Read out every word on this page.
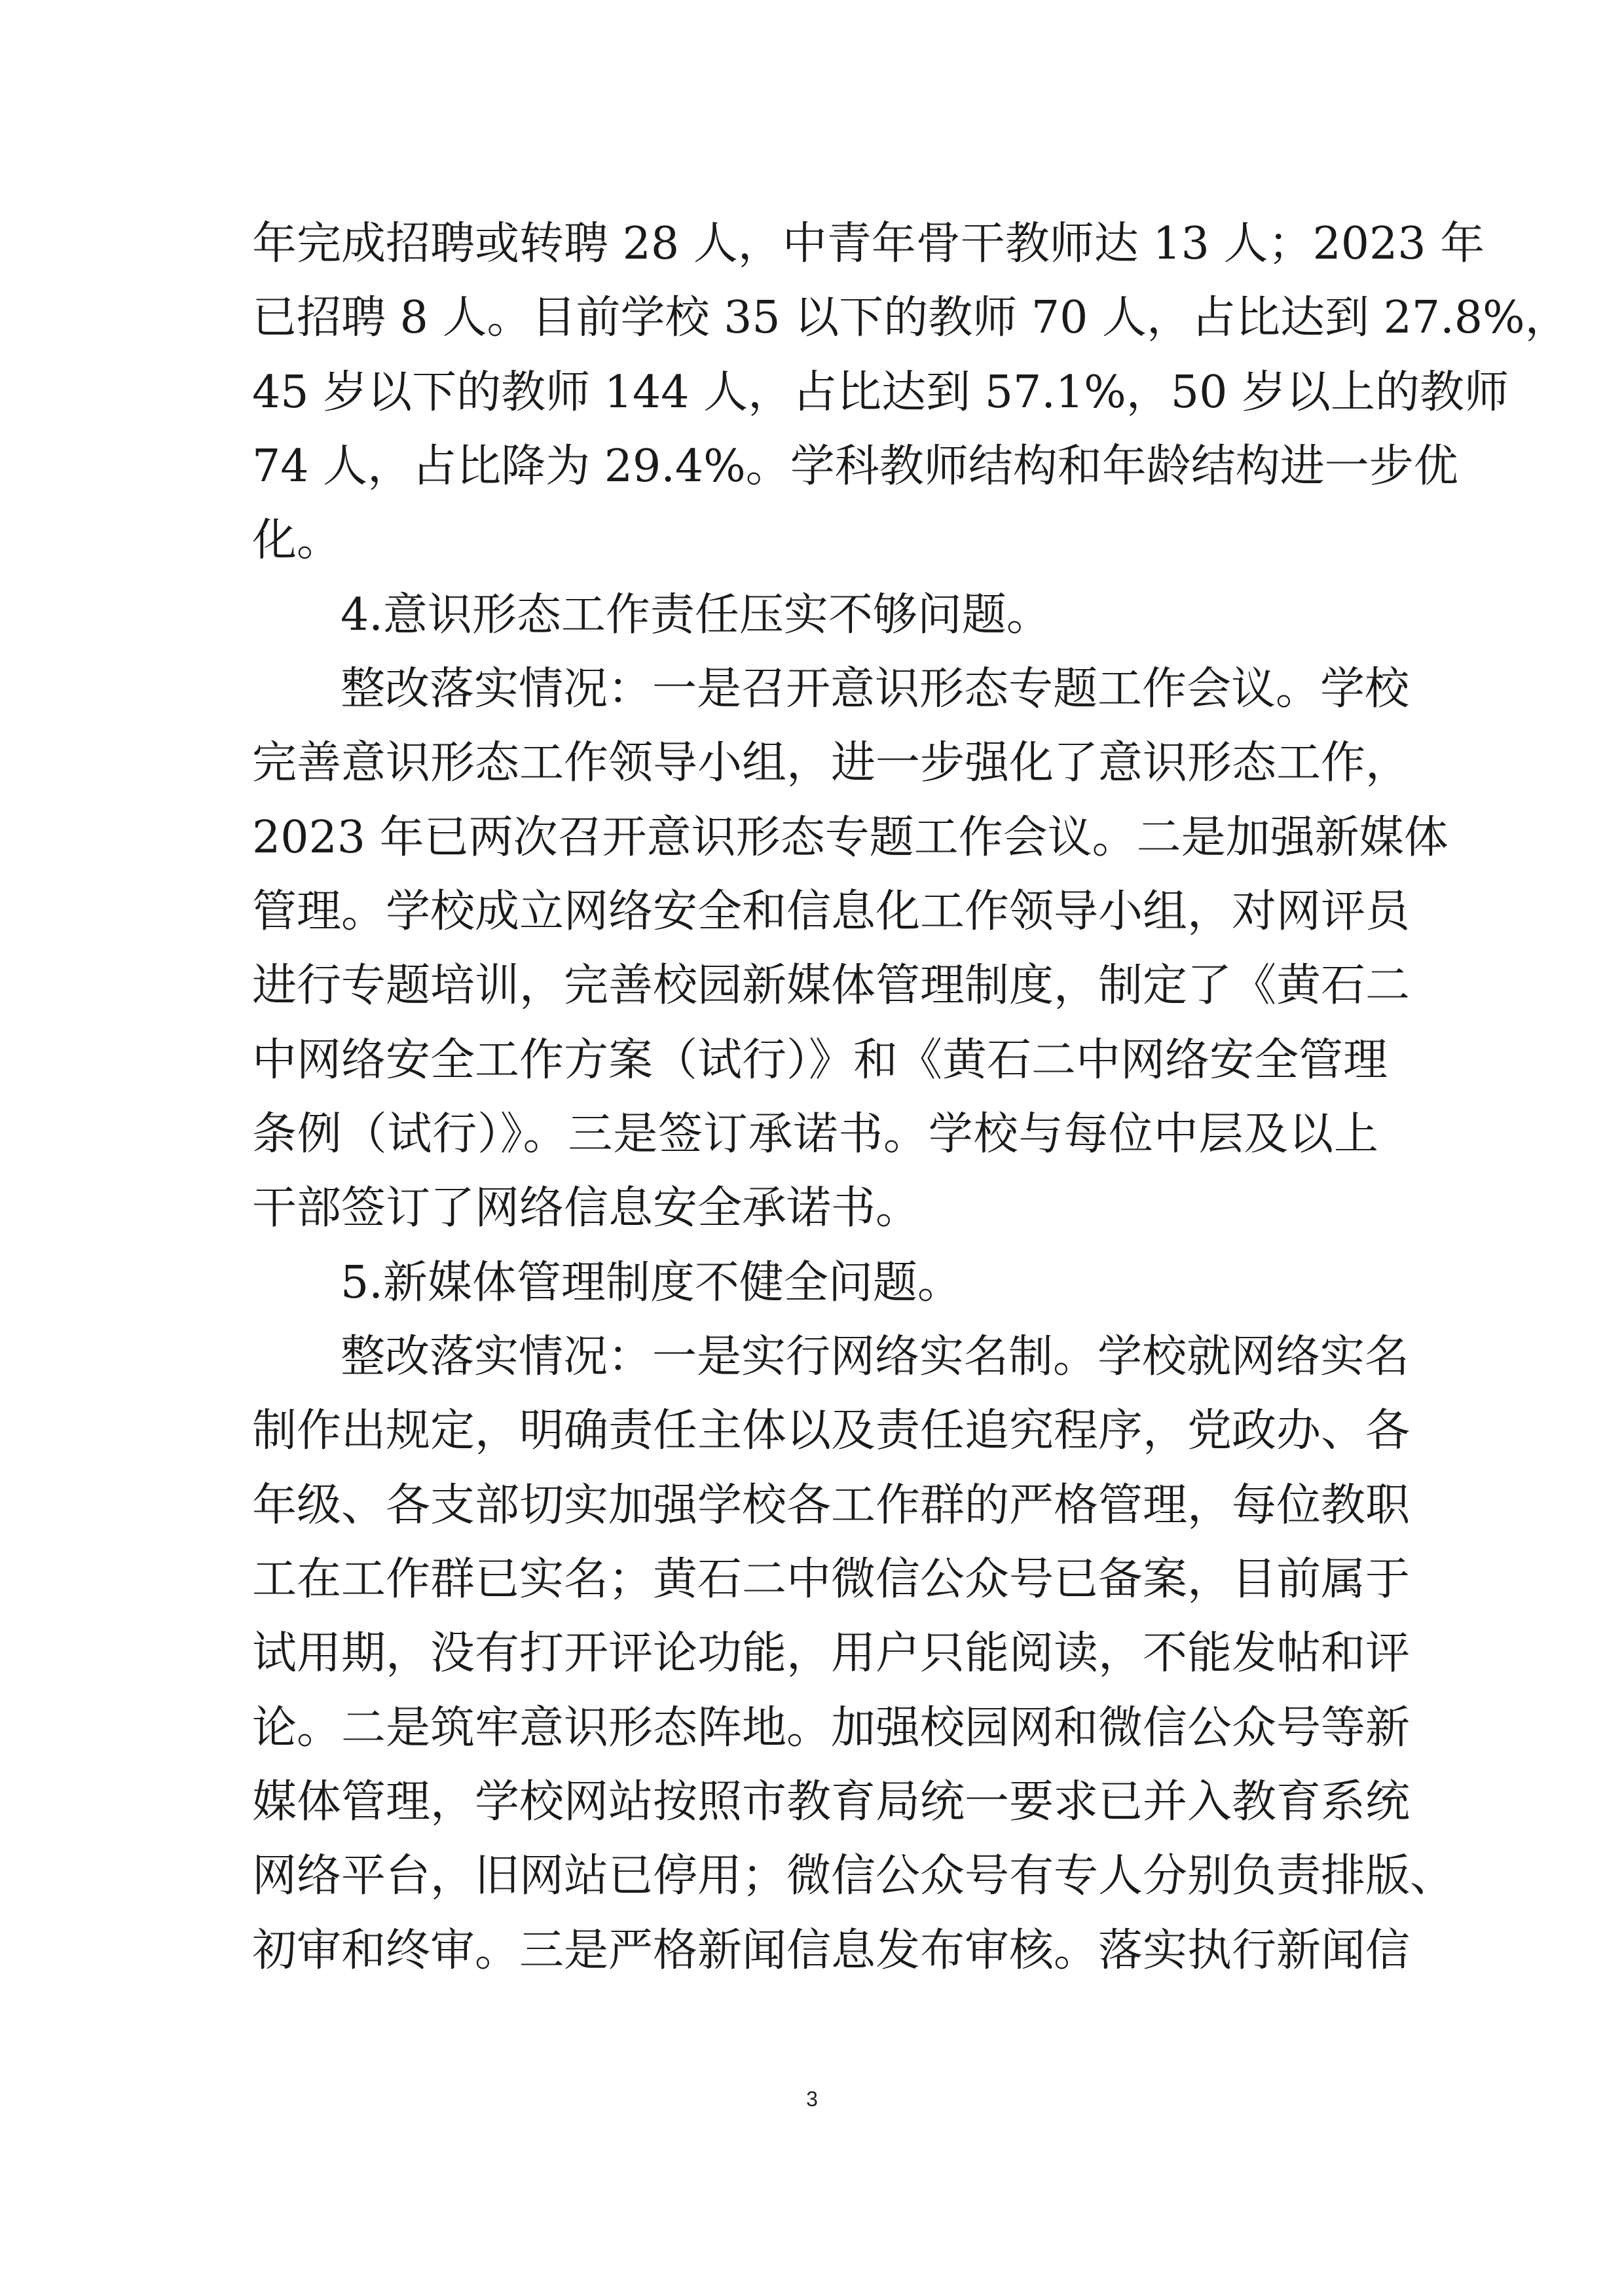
年完成招聘或转聘 28 人，中青年骨干教师达 13 人；2023 年
已招聘 8 人。目前学校 35 以下的教师 70 人，占比达到 27.8%，
45 岁以下的教师 144 人，占比达到 57.1%，50 岁以上的教师
74 人，占比降为 29.4%。学科教师结构和年龄结构进一步优
化。
4.意识形态工作责任压实不够问题。
整改落实情况：一是召开意识形态专题工作会议。学校
完善意识形态工作领导小组，进一步强化了意识形态工作，
2023 年已两次召开意识形态专题工作会议。二是加强新媒体
管理。学校成立网络安全和信息化工作领导小组，对网评员
进行专题培训，完善校园新媒体管理制度，制定了《黄石二
中网络安全工作方案（试行）》和《黄石二中网络安全管理
条例（试行）》。三是签订承诺书。学校与每位中层及以上
干部签订了网络信息安全承诺书。
5.新媒体管理制度不健全问题。
整改落实情况：一是实行网络实名制。学校就网络实名
制作出规定，明确责任主体以及责任追究程序，党政办、各
年级、各支部切实加强学校各工作群的严格管理，每位教职
工在工作群已实名；黄石二中微信公众号已备案，目前属于
试用期，没有打开评论功能，用户只能阅读，不能发帖和评
论。二是筑牢意识形态阵地。加强校园网和微信公众号等新
媒体管理，学校网站按照市教育局统一要求已并入教育系统
网络平台，旧网站已停用；微信公众号有专人分别负责排版、
初审和终审。三是严格新闻信息发布审核。落实执行新闻信
3
